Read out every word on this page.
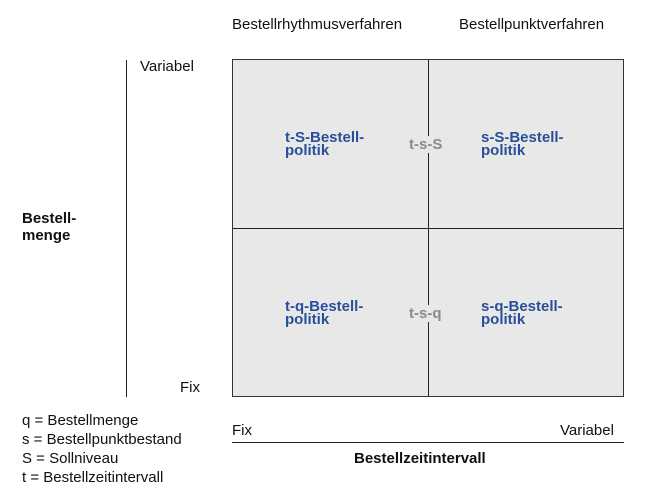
Bestellrhythmusverfahren	Bestellpunktverfahren
Variabel
Fix
Bestell-
menge
t-S-Bestell-
politik
s-S-Bestell-
politik
t-q-Bestell-
politik
s-q-Bestell-
politik
t-s-S
t-s-q
Fix	Variabel
Bestellzeitintervall
q = Bestellmenge
s = Bestellpunktbestand
S = Sollniveau
t = Bestellzeitintervall
